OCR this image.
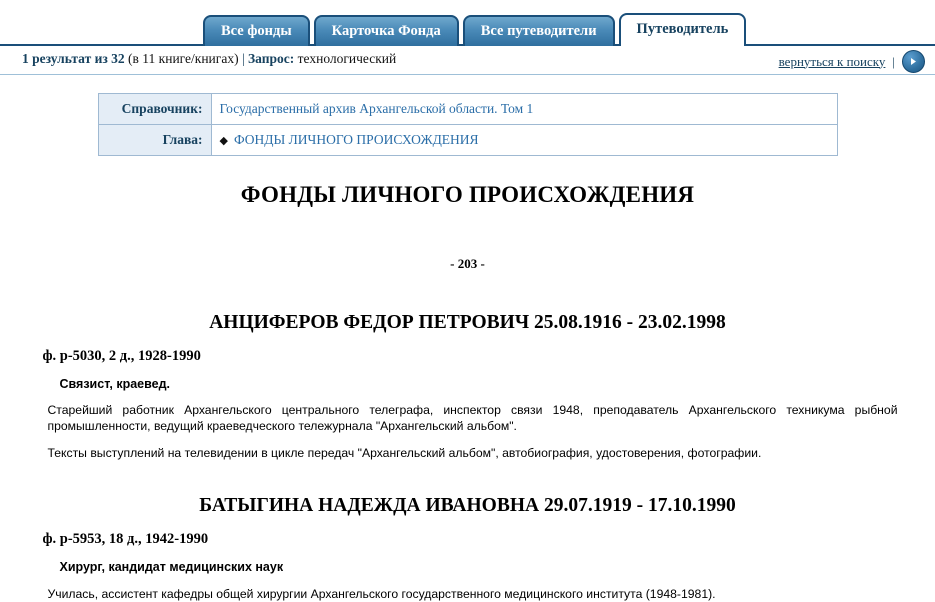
Все фонды	Карточка Фонда	Все путеводители	Путеводитель
1 результат из 32 (в 11 книге/книгах) | Запрос: технологический	вернуться к поиску |
Справочник:	Государственный архив Архангельской области. Том 1
Глава:	◆ ФОНДЫ ЛИЧНОГО ПРОИСХОЖДЕНИЯ
ФОНДЫ ЛИЧНОГО ПРОИСХОЖДЕНИЯ
- 203 -
АНЦИФЕРОВ ФЕДОР ПЕТРОВИЧ 25.08.1916 - 23.02.1998
ф. р-5030, 2 д., 1928-1990
Связист, краевед.
Старейший работник Архангельского центрального телеграфа, инспектор связи 1948, преподаватель Архангельского техникума рыбной промышленности, ведущий краеведческого тележурнала "Архангельский альбом".
Тексты выступлений на телевидении в цикле передач "Архангельский альбом", автобиография, удостоверения, фотографии.
БАТЫГИНА НАДЕЖДА ИВАНОВНА 29.07.1919 - 17.10.1990
ф. р-5953, 18 д., 1942-1990
Хирург, кандидат медицинских наук
Училась, ассистент кафедры общей хирургии Архангельского государственного медицинского института (1948-1981).
